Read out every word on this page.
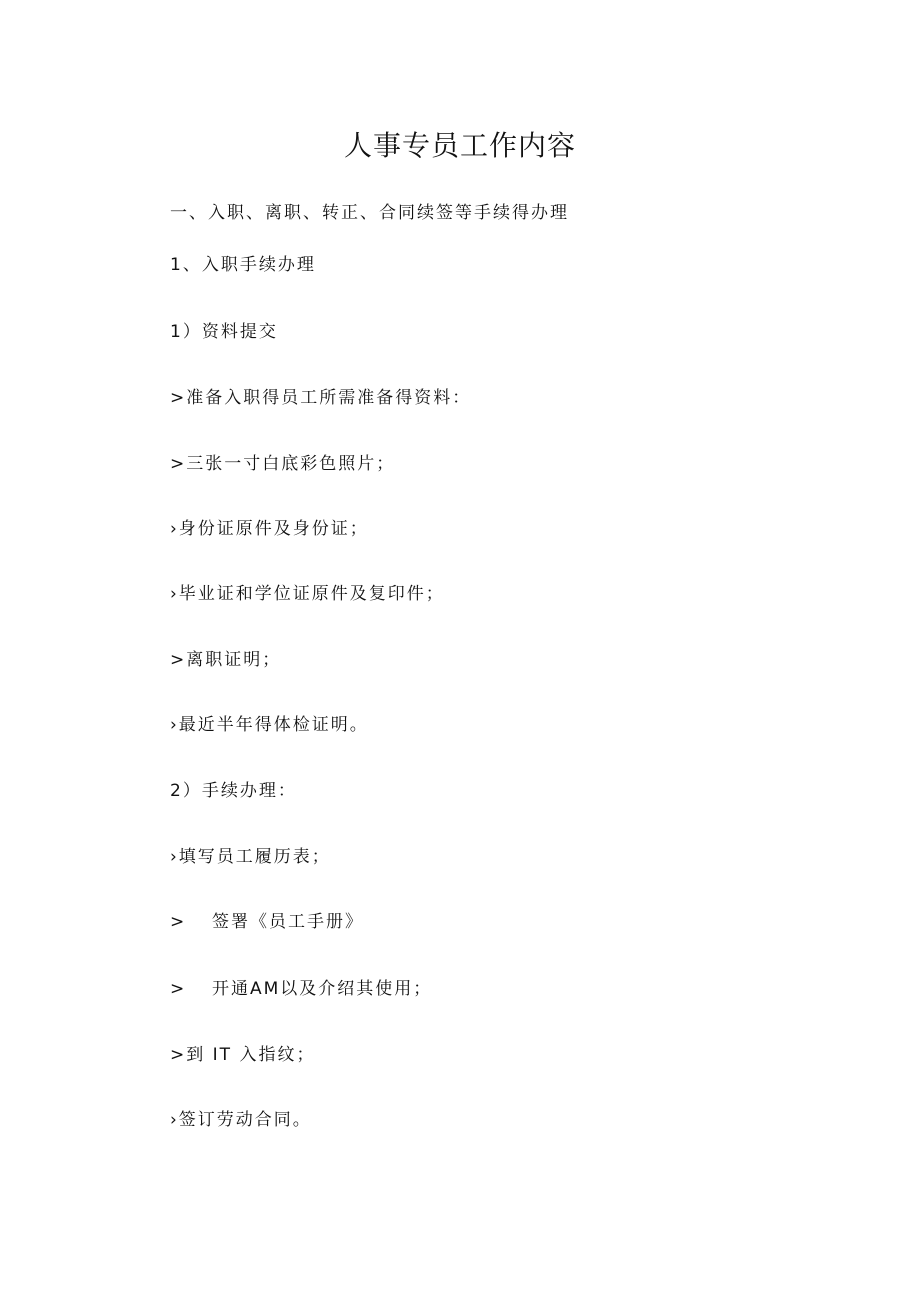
人事专员工作内容
一、入职、离职、转正、合同续签等手续得办理
1、入职手续办理
1）资料提交
>准备入职得员工所需准备得资料：
>三张一寸白底彩色照片；
›身份证原件及身份证；
›毕业证和学位证原件及复印件；
>离职证明；
›最近半年得体检证明。
2）手续办理：
›填写员工履历表；
> 签署《员工手册》
> 开通AM以及介绍其使用；
>到 IT 入指纹；
›签订劳动合同。
